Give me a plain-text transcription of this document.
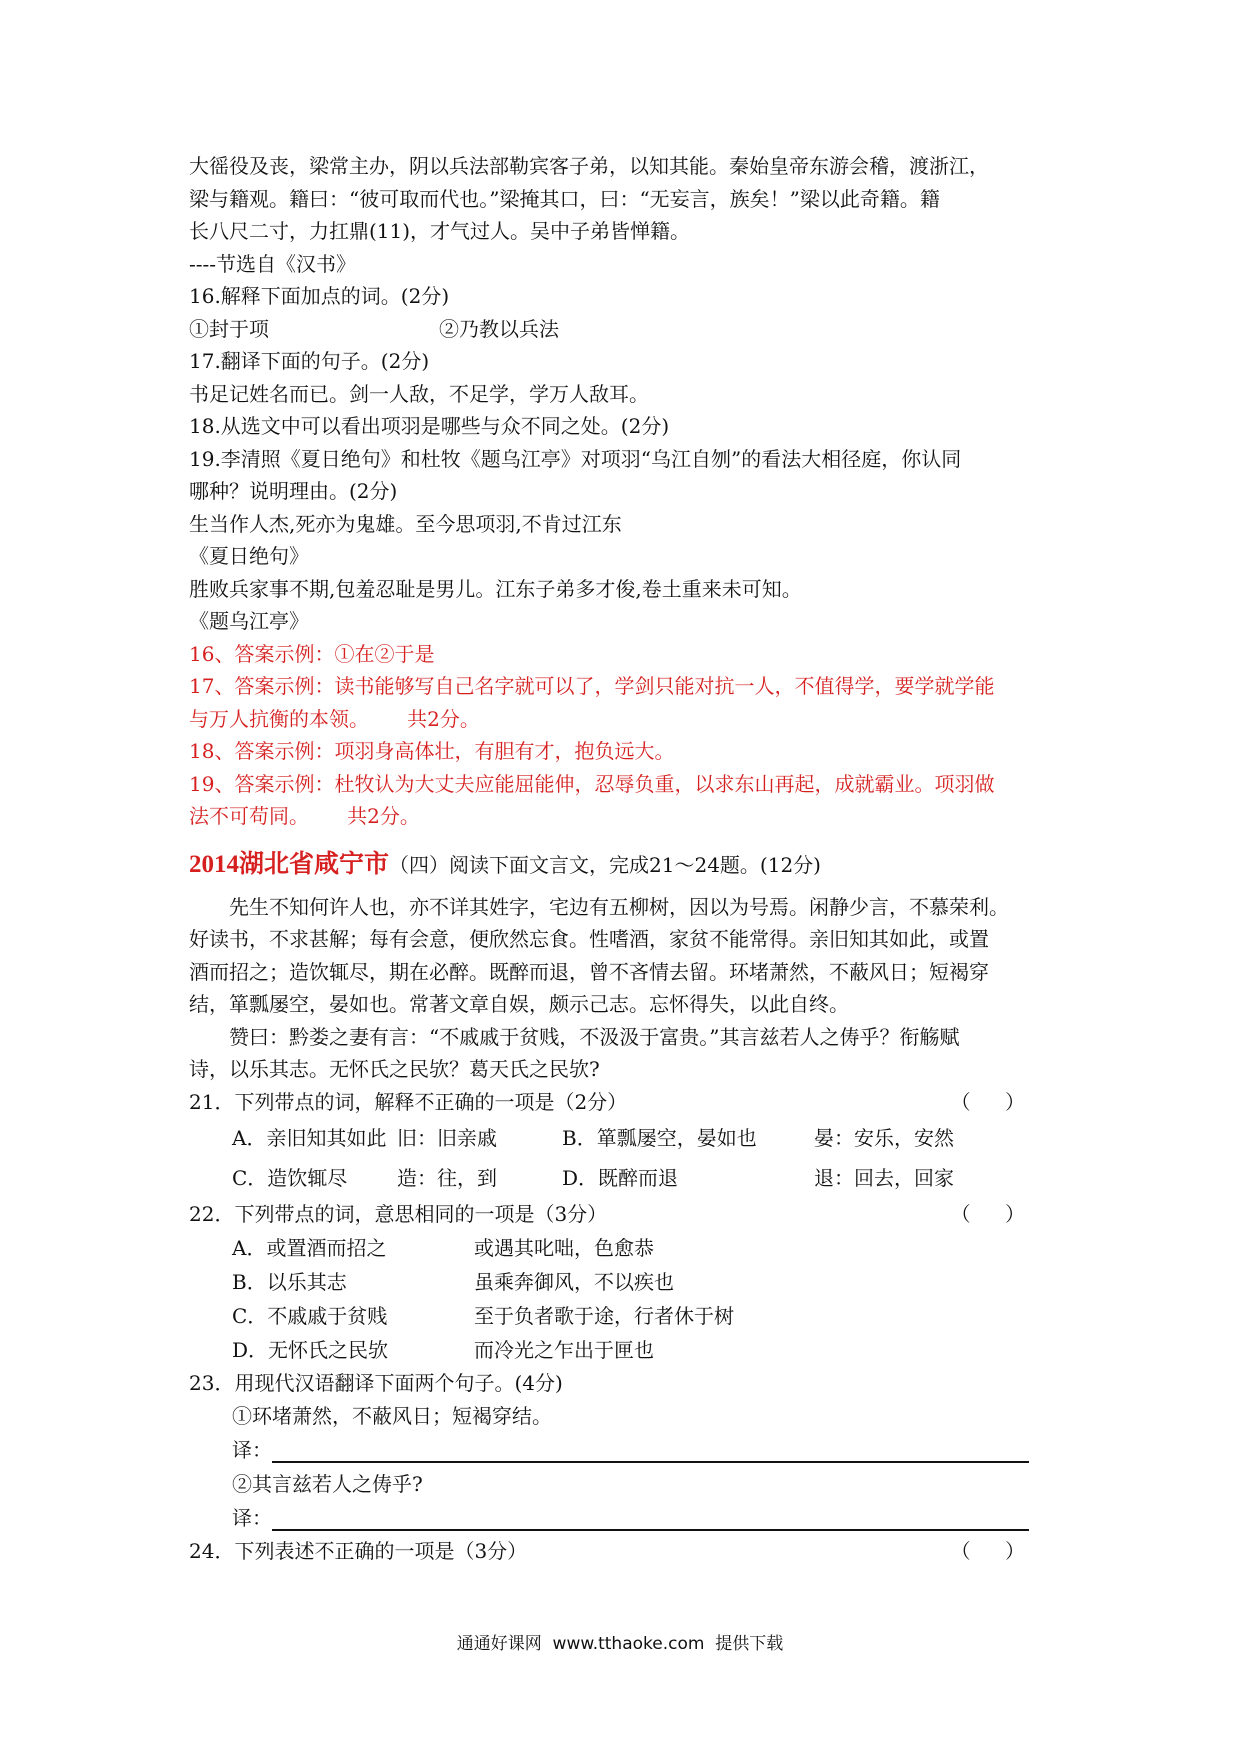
大徭役及丧，梁常主办，阴以兵法部勒宾客子弟，以知其能。秦始皇帝东游会稽，渡浙江，
梁与籍观。籍曰：“彼可取而代也。”梁掩其口，曰：“无妄言，族矣！”梁以此奇籍。籍
长八尺二寸，力扛鼎(11)，才气过人。吴中子弟皆惮籍。
----节选自《汉书》
16.解释下面加点的词。(2分)
①封于项	②乃教以兵法
17.翻译下面的句子。(2分)
书足记姓名而已。剑一人敌，不足学，学万人敌耳。
18.从选文中可以看出项羽是哪些与众不同之处。(2分)
19.李清照《夏日绝句》和杜牧《题乌江亭》对项羽“乌江自刎”的看法大相径庭，你认同
哪种？说明理由。(2分)
生当作人杰,死亦为鬼雄。至今思项羽,不肯过江东
《夏日绝句》
胜败兵家事不期,包羞忍耻是男儿。江东子弟多才俊,卷土重来未可知。
《题乌江亭》
16、答案示例：①在②于是
17、答案示例：读书能够写自己名字就可以了，学剑只能对抗一人，不值得学，要学就学能
与万人抗衡的本领。      共2分。
18、答案示例：项羽身高体壮，有胆有才，抱负远大。
19、答案示例：杜牧认为大丈夫应能屈能伸，忍辱负重，以求东山再起，成就霸业。项羽做
法不可苟同。      共2分。
2014湖北省咸宁市（四）阅读下面文言文，完成21～24题。(12分)
先生不知何许人也，亦不详其姓字，宅边有五柳树，因以为号焉。闲静少言，不慕荣利。
好读书，不求甚解；每有会意，便欣然忘食。性嗜酒，家贫不能常得。亲旧知其如此，或置
酒而招之；造饮辄尽，期在必醉。既醉而退，曾不吝情去留。环堵萧然，不蔽风日；短褐穿
结，箪瓢屡空，晏如也。常著文章自娱，颇示己志。忘怀得失，以此自终。
赞曰：黔娄之妻有言：“不戚戚于贫贱，不汲汲于富贵。”其言兹若人之俦乎？衔觞赋
诗，以乐其志。无怀氏之民欤？葛天氏之民欤?
21．下列带点的词，解释不正确的一项是（2分）	（ ）
A．亲旧知其如此 旧：旧亲戚	B．箪瓢屡空，晏如也	晏：安乐，安然
C．造饮辄尽	造：往，到	D．既醉而退	退：回去，回家
22．下列带点的词，意思相同的一项是（3分）	（ ）
A．或置酒而招之	或遇其叱咄，色愈恭
B．以乐其志	虽乘奔御风，不以疾也
C．不戚戚于贫贱	至于负者歌于途，行者休于树
D．无怀氏之民欤	而冷光之乍出于匣也
23．用现代汉语翻译下面两个句子。(4分)
①环堵萧然，不蔽风日；短褐穿结。
译：
②其言兹若人之俦乎?
译：
24．下列表述不正确的一项是（3分）	（ ）
通通好课网  www.tthaoke.com  提供下载
